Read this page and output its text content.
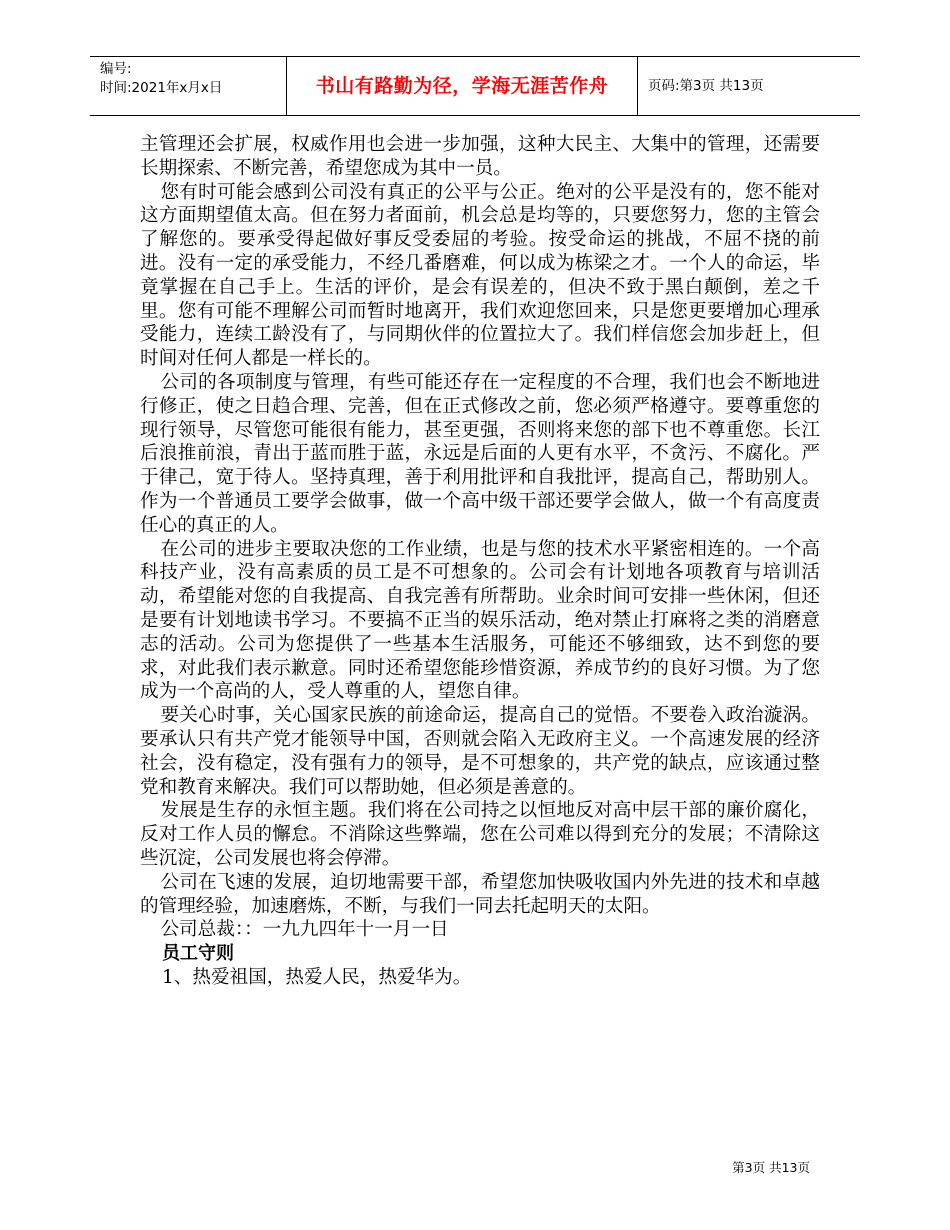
编号:
时间:2021年x月x日	书山有路勤为径，学海无涯苦作舟	页码:第3页 共13页

主管理还会扩展，权威作用也会进一步加强，这种大民主、大集中的管理，还需要长期探索、不断完善，希望您成为其中一员。

您有时可能会感到公司没有真正的公平与公正。绝对的公平是没有的，您不能对这方面期望值太高。但在努力者面前，机会总是均等的，只要您努力，您的主管会了解您的。要承受得起做好事反受委屈的考验。按受命运的挑战，不屈不挠的前进。没有一定的承受能力，不经几番磨难，何以成为栋梁之才。一个人的命运，毕竟掌握在自己手上。生活的评价，是会有误差的，但决不致于黑白颠倒，差之千里。您有可能不理解公司而暂时地离开，我们欢迎您回来，只是您更要增加心理承受能力，连续工龄没有了，与同期伙伴的位置拉大了。我们样信您会加步赶上，但时间对任何人都是一样长的。

公司的各项制度与管理，有些可能还存在一定程度的不合理，我们也会不断地进行修正，使之日趋合理、完善，但在正式修改之前，您必须严格遵守。要尊重您的现行领导，尽管您可能很有能力，甚至更强，否则将来您的部下也不尊重您。长江后浪推前浪，青出于蓝而胜于蓝，永远是后面的人更有水平，不贪污、不腐化。严于律己，宽于待人。坚持真理，善于利用批评和自我批评，提高自己，帮助别人。作为一个普通员工要学会做事，做一个高中级干部还要学会做人，做一个有高度责任心的真正的人。

在公司的进步主要取决您的工作业绩，也是与您的技术水平紧密相连的。一个高科技产业，没有高素质的员工是不可想象的。公司会有计划地各项教育与培训活动，希望能对您的自我提高、自我完善有所帮助。业余时间可安排一些休闲，但还是要有计划地读书学习。不要搞不正当的娱乐活动，绝对禁止打麻将之类的消磨意志的活动。公司为您提供了一些基本生活服务，可能还不够细致，达不到您的要求，对此我们表示歉意。同时还希望您能珍惜资源，养成节约的良好习惯。为了您成为一个高尚的人，受人尊重的人，望您自律。

要关心时事，关心国家民族的前途命运，提高自己的觉悟。不要卷入政治漩涡。要承认只有共产党才能领导中国，否则就会陷入无政府主义。一个高速发展的经济社会，没有稳定，没有强有力的领导，是不可想象的，共产党的缺点，应该通过整党和教育来解决。我们可以帮助她，但必须是善意的。

发展是生存的永恒主题。我们将在公司持之以恒地反对高中层干部的廉价腐化，反对工作人员的懈怠。不消除这些弊端，您在公司难以得到充分的发展；不清除这些沉淀，公司发展也将会停滞。

公司在飞速的发展，迫切地需要干部，希望您加快吸收国内外先进的技术和卓越的管理经验，加速磨炼，不断，与我们一同去托起明天的太阳。

公司总裁：：一九九四年十一月一日

员工守则

1、热爱祖国，热爱人民，热爱华为。

第3页 共13页
